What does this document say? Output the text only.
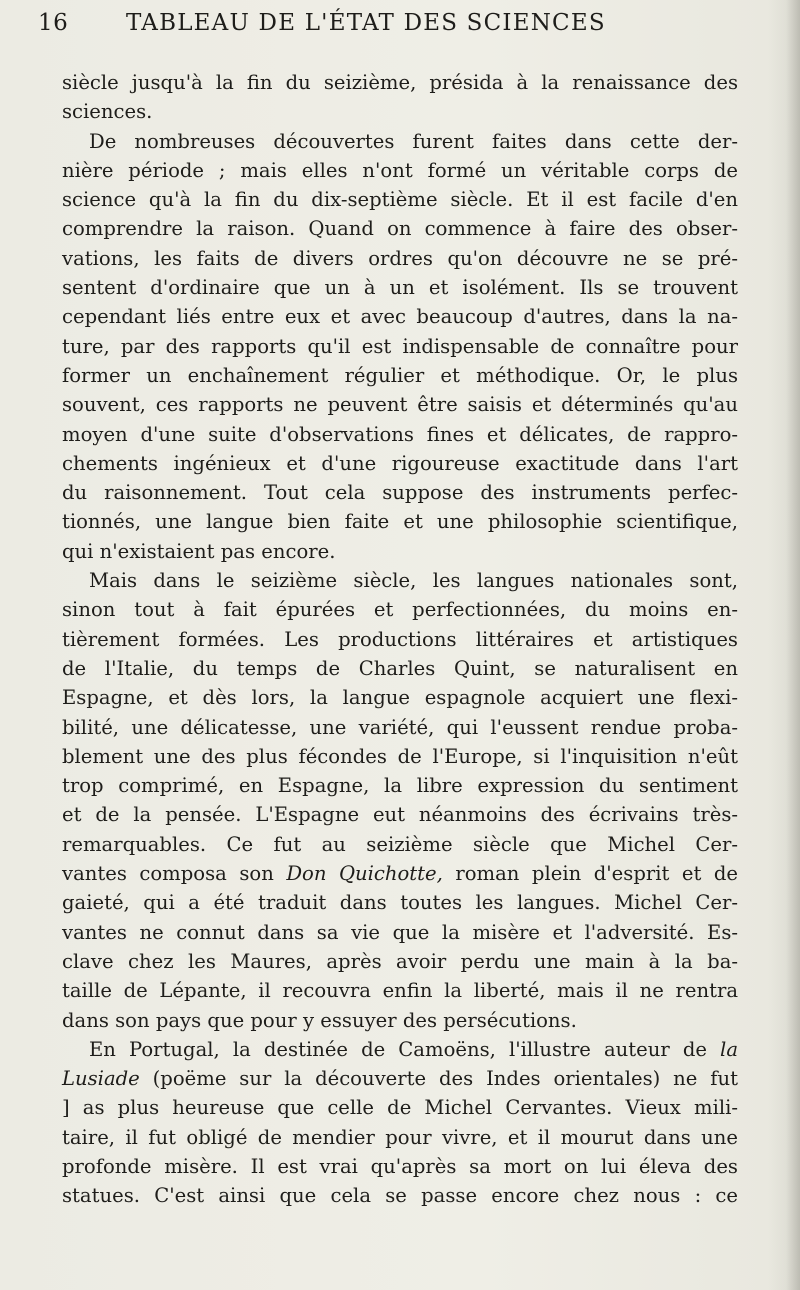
16	TABLEAU DE L'ÉTAT DES SCIENCES
siècle jusqu'à la fin du seizième, présida à la renaissance des
sciences.
De nombreuses découvertes furent faites dans cette der-
nière période ; mais elles n'ont formé un véritable corps de
science qu'à la fin du dix-septième siècle. Et il est facile d'en
comprendre la raison. Quand on commence à faire des obser-
vations, les faits de divers ordres qu'on découvre ne se pré-
sentent d'ordinaire que un à un et isolément. Ils se trouvent
cependant liés entre eux et avec beaucoup d'autres, dans la na-
ture, par des rapports qu'il est indispensable de connaître pour
former un enchaînement régulier et méthodique. Or, le plus
souvent, ces rapports ne peuvent être saisis et déterminés qu'au
moyen d'une suite d'observations fines et délicates, de rappro-
chements ingénieux et d'une rigoureuse exactitude dans l'art
du raisonnement. Tout cela suppose des instruments perfec-
tionnés, une langue bien faite et une philosophie scientifique,
qui n'existaient pas encore.
Mais dans le seizième siècle, les langues nationales sont,
sinon tout à fait épurées et perfectionnées, du moins en-
tièrement formées. Les productions littéraires et artistiques
de l'Italie, du temps de Charles Quint, se naturalisent en
Espagne, et dès lors, la langue espagnole acquiert une flexi-
bilité, une délicatesse, une variété, qui l'eussent rendue proba-
blement une des plus fécondes de l'Europe, si l'inquisition n'eût
trop comprimé, en Espagne, la libre expression du sentiment
et de la pensée. L'Espagne eut néanmoins des écrivains très-
remarquables. Ce fut au seizième siècle que Michel Cer-
vantes composa son Don Quichotte, roman plein d'esprit et de
gaieté, qui a été traduit dans toutes les langues. Michel Cer-
vantes ne connut dans sa vie que la misère et l'adversité. Es-
clave chez les Maures, après avoir perdu une main à la ba-
taille de Lépante, il recouvra enfin la liberté, mais il ne rentra
dans son pays que pour y essuyer des persécutions.
En Portugal, la destinée de Camoëns, l'illustre auteur de la
Lusiade (poëme sur la découverte des Indes orientales) ne fut
] as plus heureuse que celle de Michel Cervantes. Vieux mili-
taire, il fut obligé de mendier pour vivre, et il mourut dans une
profonde misère. Il est vrai qu'après sa mort on lui éleva des
statues. C'est ainsi que cela se passe encore chez nous : ce
